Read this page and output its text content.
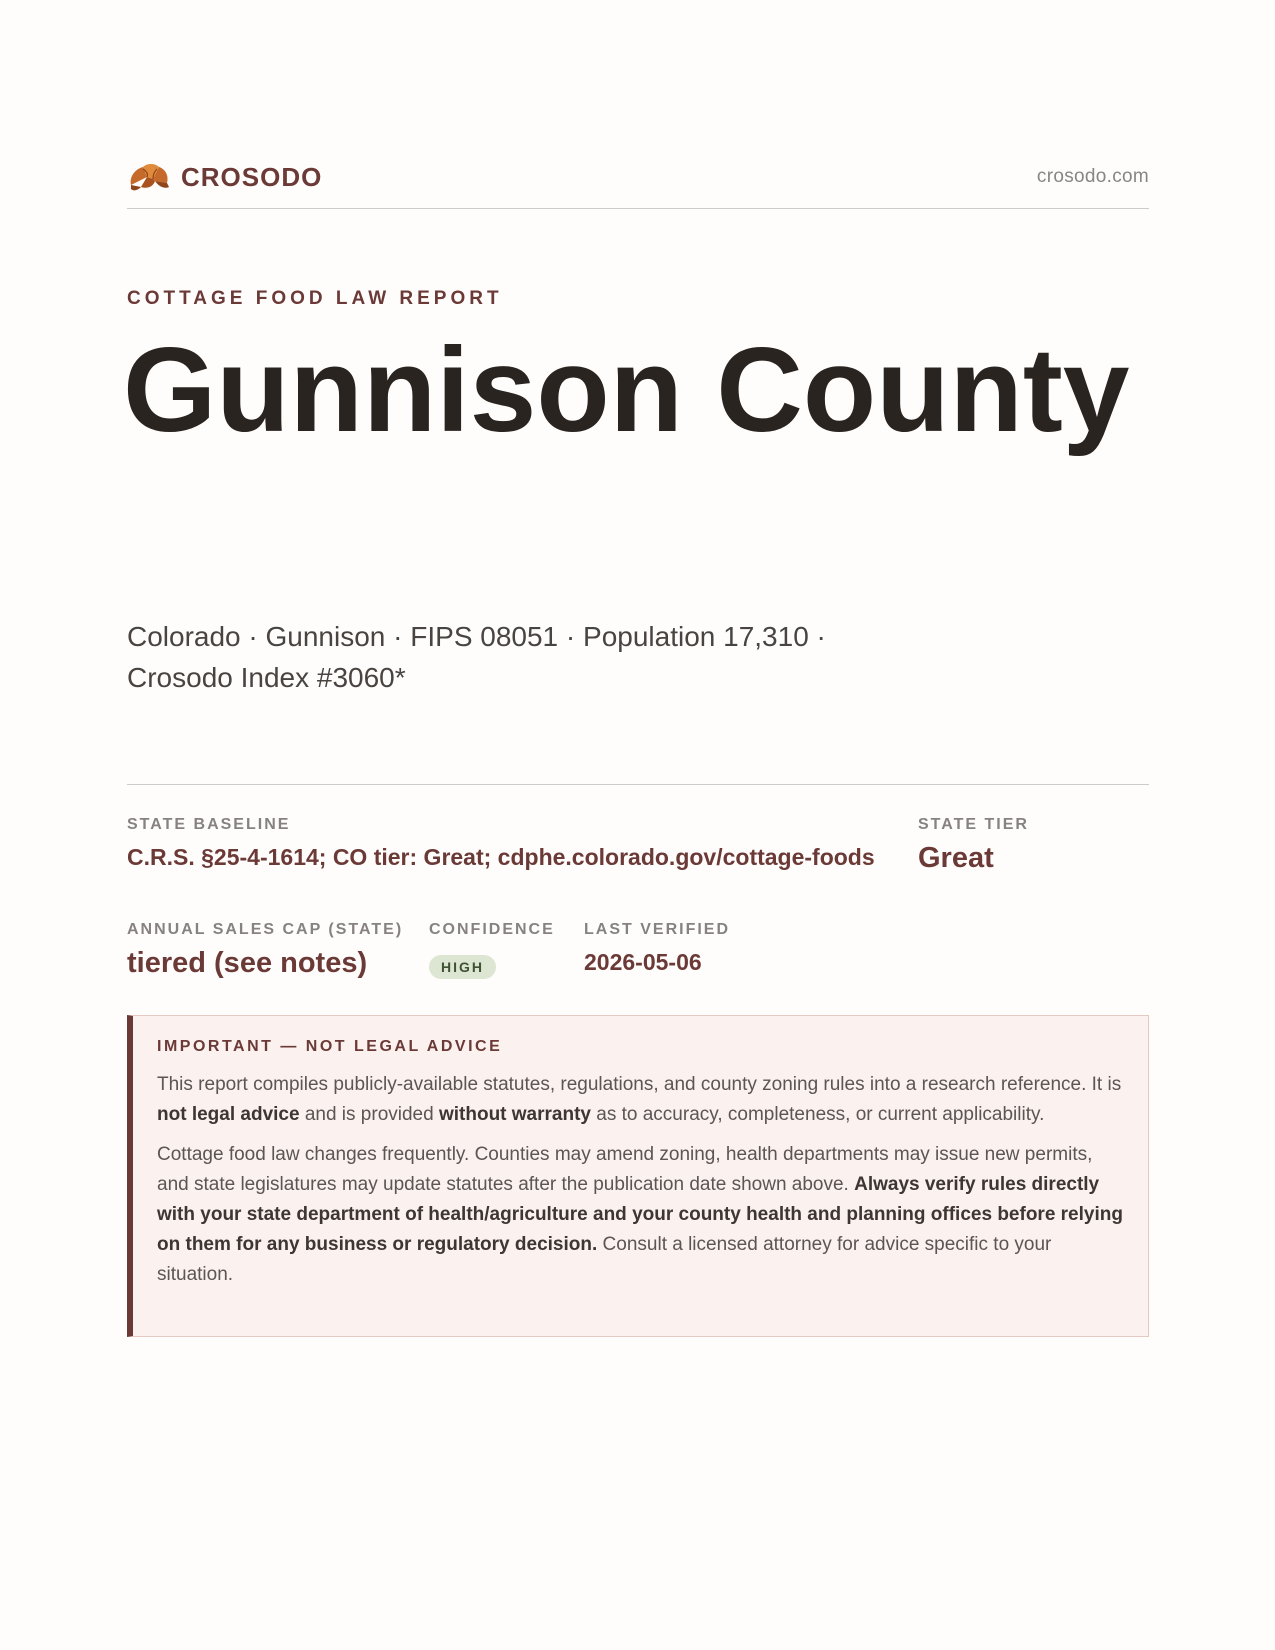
CROSODO	crosodo.com
COTTAGE FOOD LAW REPORT
Gunnison County
Colorado · Gunnison · FIPS 08051 · Population 17,310 ·
Crosodo Index #3060*
STATE BASELINE
C.R.S. §25-4-1614; CO tier: Great; cdphe.colorado.gov/cottage-foods
STATE TIER
Great
ANNUAL SALES CAP (STATE)
tiered (see notes)
CONFIDENCE
HIGH
LAST VERIFIED
2026-05-06
IMPORTANT — NOT LEGAL ADVICE

This report compiles publicly-available statutes, regulations, and county zoning rules into a research reference. It is not legal advice and is provided without warranty as to accuracy, completeness, or current applicability.

Cottage food law changes frequently. Counties may amend zoning, health departments may issue new permits, and state legislatures may update statutes after the publication date shown above. Always verify rules directly with your state department of health/agriculture and your county health and planning offices before relying on them for any business or regulatory decision. Consult a licensed attorney for advice specific to your situation.
